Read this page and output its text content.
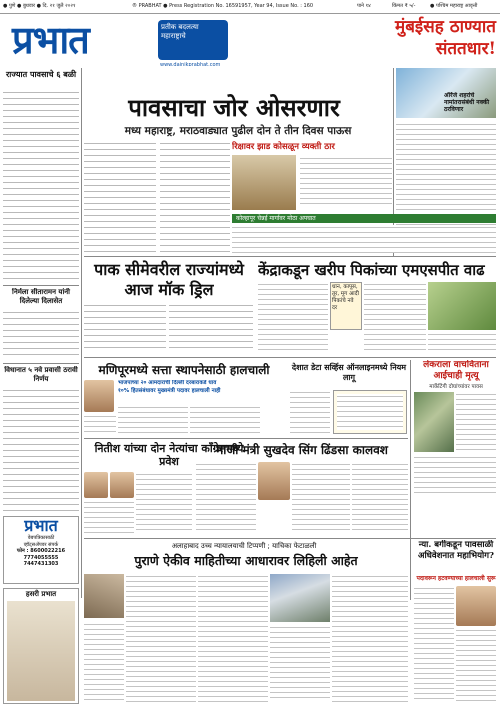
● पुणे ● बुधवार ● दि. २१ जुलै २०२१	® PRABHAT ● Press Registration No. 16591957, Year 94, Issue No. : 160	पाने १४	किंमत ₹ ५/-	● पश्चिम महाराष्ट्र आवृत्ती
प्रभात	प्रतीक बदलत्या महाराष्ट्राचे
www.dainikprabhat.com
मुंबईसह ठाण्यात संततधार!
राज्यात पावसाचे ६ बळी
निर्मला सीतारामन यांनी दिलेल्या दिलासेत
विधानात ५ नवे प्रवासी ठरावी निर्णय
पावसाचा जोर ओसरणार
मध्य महाराष्ट्र, मराठवाड्यात पुढील दोन ते तीन दिवस पाऊस
रिक्षावर झाड कोसळून व्यक्ती ठार
ऑरेंजे शहरांचे नामांतरासंबंधी नक्की ठरविणार
कोल्हापूर चेन्नई मार्गावर मोठा अपघात
पाक सीमेवरील राज्यांमध्ये आज मॉक ड्रिल
केंद्राकडून खरीप पिकांच्या एमएसपीत वाढ
धान, कापूस, तूर, मूग आदी पिकांचे नवे दर
मणिपूरमध्ये सत्ता स्थापनेसाठी हालचाली
भाजपाच्या २० आमदारांची दिल्ली दरबाराकडे धाव
१०% हितसंबंधावर मुख्यमंत्री पदावर हालचाली नाही
देशात डेटा सर्व्हिस ऑनलाइनमध्ये नियम लागू
लेकराला वाचविताना आईचाही मृत्यू
मार्केटिंगी दोघांच्यांवर पावस
नितीश यांच्या दोन नेत्यांचा काँग्रेसमध्ये प्रवेश
माजी मंत्री सुखदेव सिंग ढिंडसा कालवश
प्रभात
वेबपत्रिकासाठी
व्हॉट्सअ‍ॅपवर संपर्क
फोन : 8600022216
7774055555
7447431303
अलाहाबाद उच्च न्यायालयाची टिप्पणी ; याचिका फेटाळली
पुराणे ऐकीव माहितीच्या आधारावर लिहिली आहेत
न्या. बर्गीकडून पावसाळी अधिवेशनात महाभियोग?
पदावरून हटवण्याच्या हालचाली सुरू
हसरी प्रभात
